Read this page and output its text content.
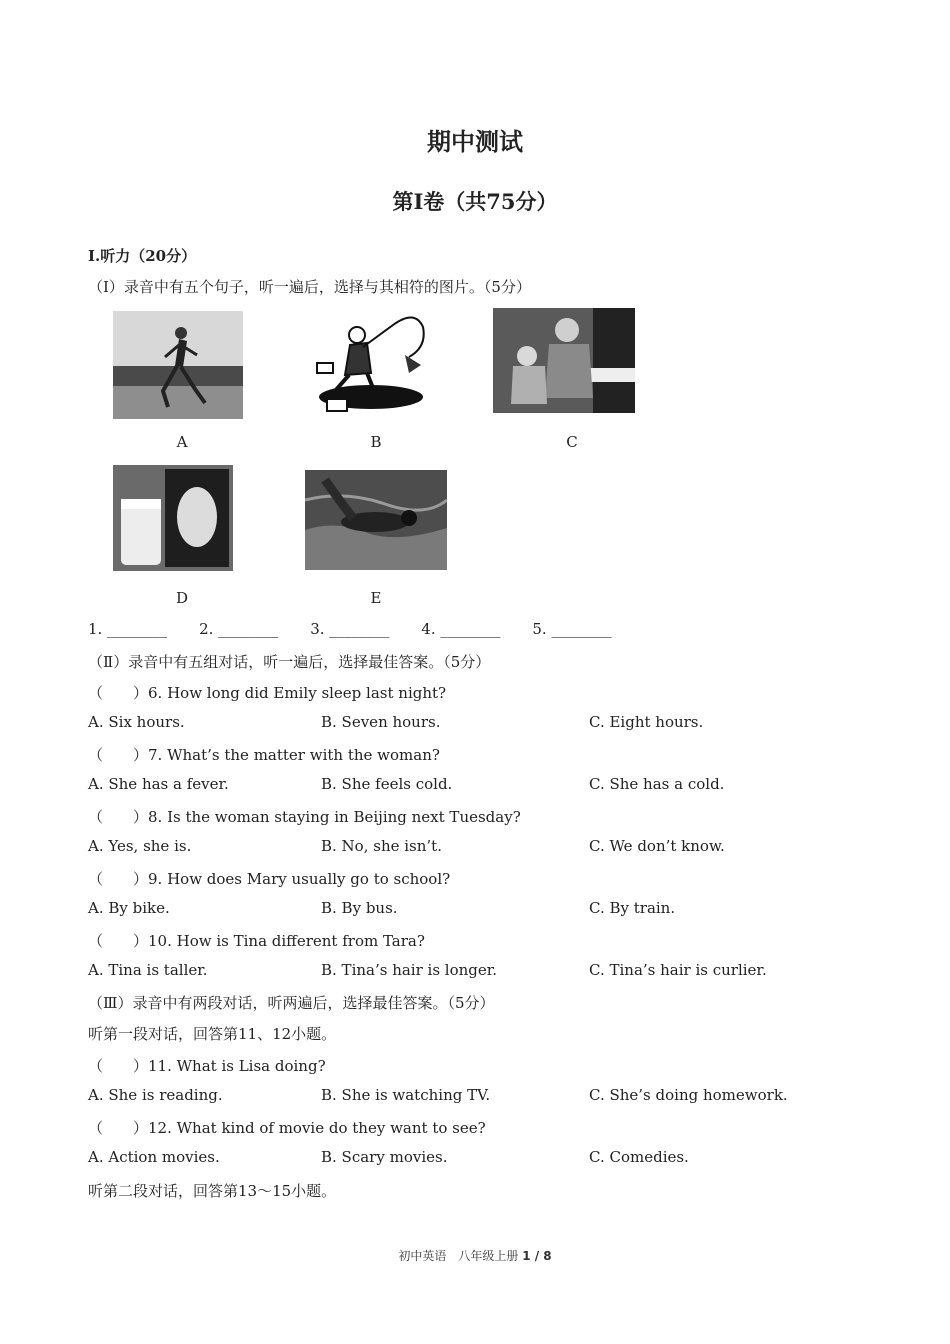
期中测试
第Ⅰ卷（共75分）
Ⅰ.听力（20分）
（Ⅰ）录音中有五个句子，听一遍后，选择与其相符的图片。（5分）
A	B	C
D	E
1. ________ 2. ________ 3. ________ 4. ________ 5. ________
（Ⅱ）录音中有五组对话，听一遍后，选择最佳答案。（5分）
（　　）6. How long did Emily sleep last night?
A. Six hours.	B. Seven hours.	C. Eight hours.
（　　）7. What’s the matter with the woman?
A. She has a fever.	B. She feels cold.	C. She has a cold.
（　　）8. Is the woman staying in Beijing next Tuesday?
A. Yes, she is.	B. No, she isn’t.	C. We don’t know.
（　　）9. How does Mary usually go to school?
A. By bike.	B. By bus.	C. By train.
（　　）10. How is Tina different from Tara?
A. Tina is taller.	B. Tina’s hair is longer.	C. Tina’s hair is curlier.
（Ⅲ）录音中有两段对话，听两遍后，选择最佳答案。（5分）
听第一段对话，回答第11、12小题。
（　　）11. What is Lisa doing?
A. She is reading.	B. She is watching TV.	C. She’s doing homework.
（　　）12. What kind of movie do they want to see?
A. Action movies.	B. Scary movies.	C. Comedies.
听第二段对话，回答第13～15小题。
初中英语　八年级上册 1 / 8
